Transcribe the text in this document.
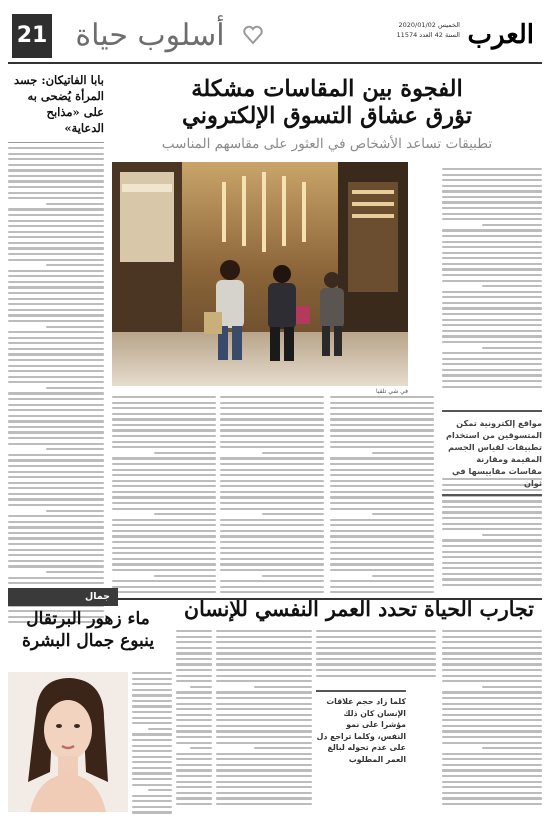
العرب
الخميس 2020/01/02
السنة 42 العدد 11574
21 أسلوب حياة
بابا الفاتيكان: جسد المرأة يُضحى به على «مذابح الدعاية»
الفجوة بين المقاسات مشكلة
تؤرق عشاق التسوق الإلكتروني
تطبيقات تساعد الأشخاص في العثور على مقاسهم المناسب
في شي تلقيا
مواقع إلكترونية تمكن المتسوقين من استخدام تطبيقات لقياس الجسم المقيمة ومقارنة مقاسات مقاييسها في ثوان
جمال
ماء زهور البرتقال ينبوع جمال البشرة
تجارب الحياة تحدد العمر النفسي للإنسان
كلما زاد حجم علاقات الإنسان كان ذلك مؤشرا على نمو النفس، وكلما تراجع دل على عدم تحوله لبالغ العمر المطلوب
